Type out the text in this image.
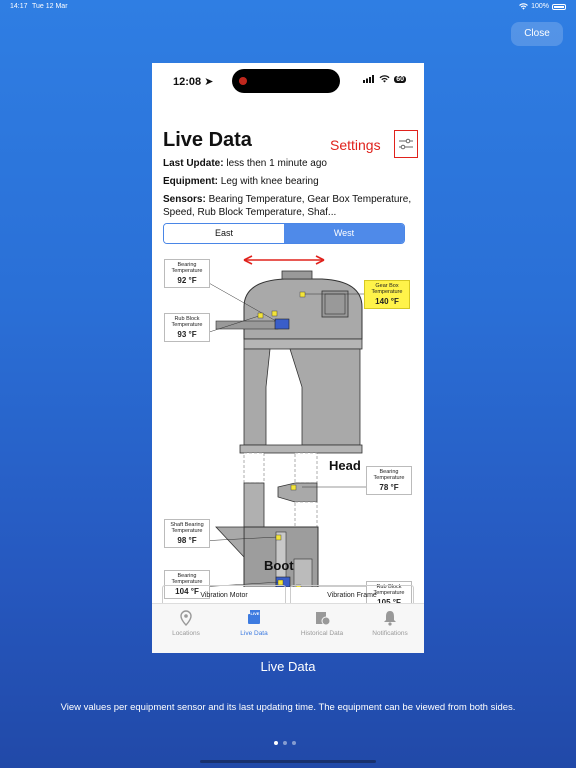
14:17 Tue 12 Mar	100%
Close
12:08 ➤	60
Live Data	Settings
Last Update: less then 1 minute ago
Equipment: Leg with knee bearing
Sensors: Bearing Temperature, Gear Box Temperature, Speed, Rub Block Temperature, Shaf...
East	West
Bearing Temperature
92 °F
Gear Box Temperature
140 °F
Rub Block Temperature
93 °F
Head	Bearing Temperature
78 °F
Shaft Bearing Temperature
98 °F
Bearing Temperature
104 °F	Rub Block Temperature
Boot
Vibration Motor	Vibration Frame
Locations
LIVE
Live Data	Historical Data	Notifications
Live Data
View values per equipment sensor and its last updating time. The equipment can be viewed from both sides.
